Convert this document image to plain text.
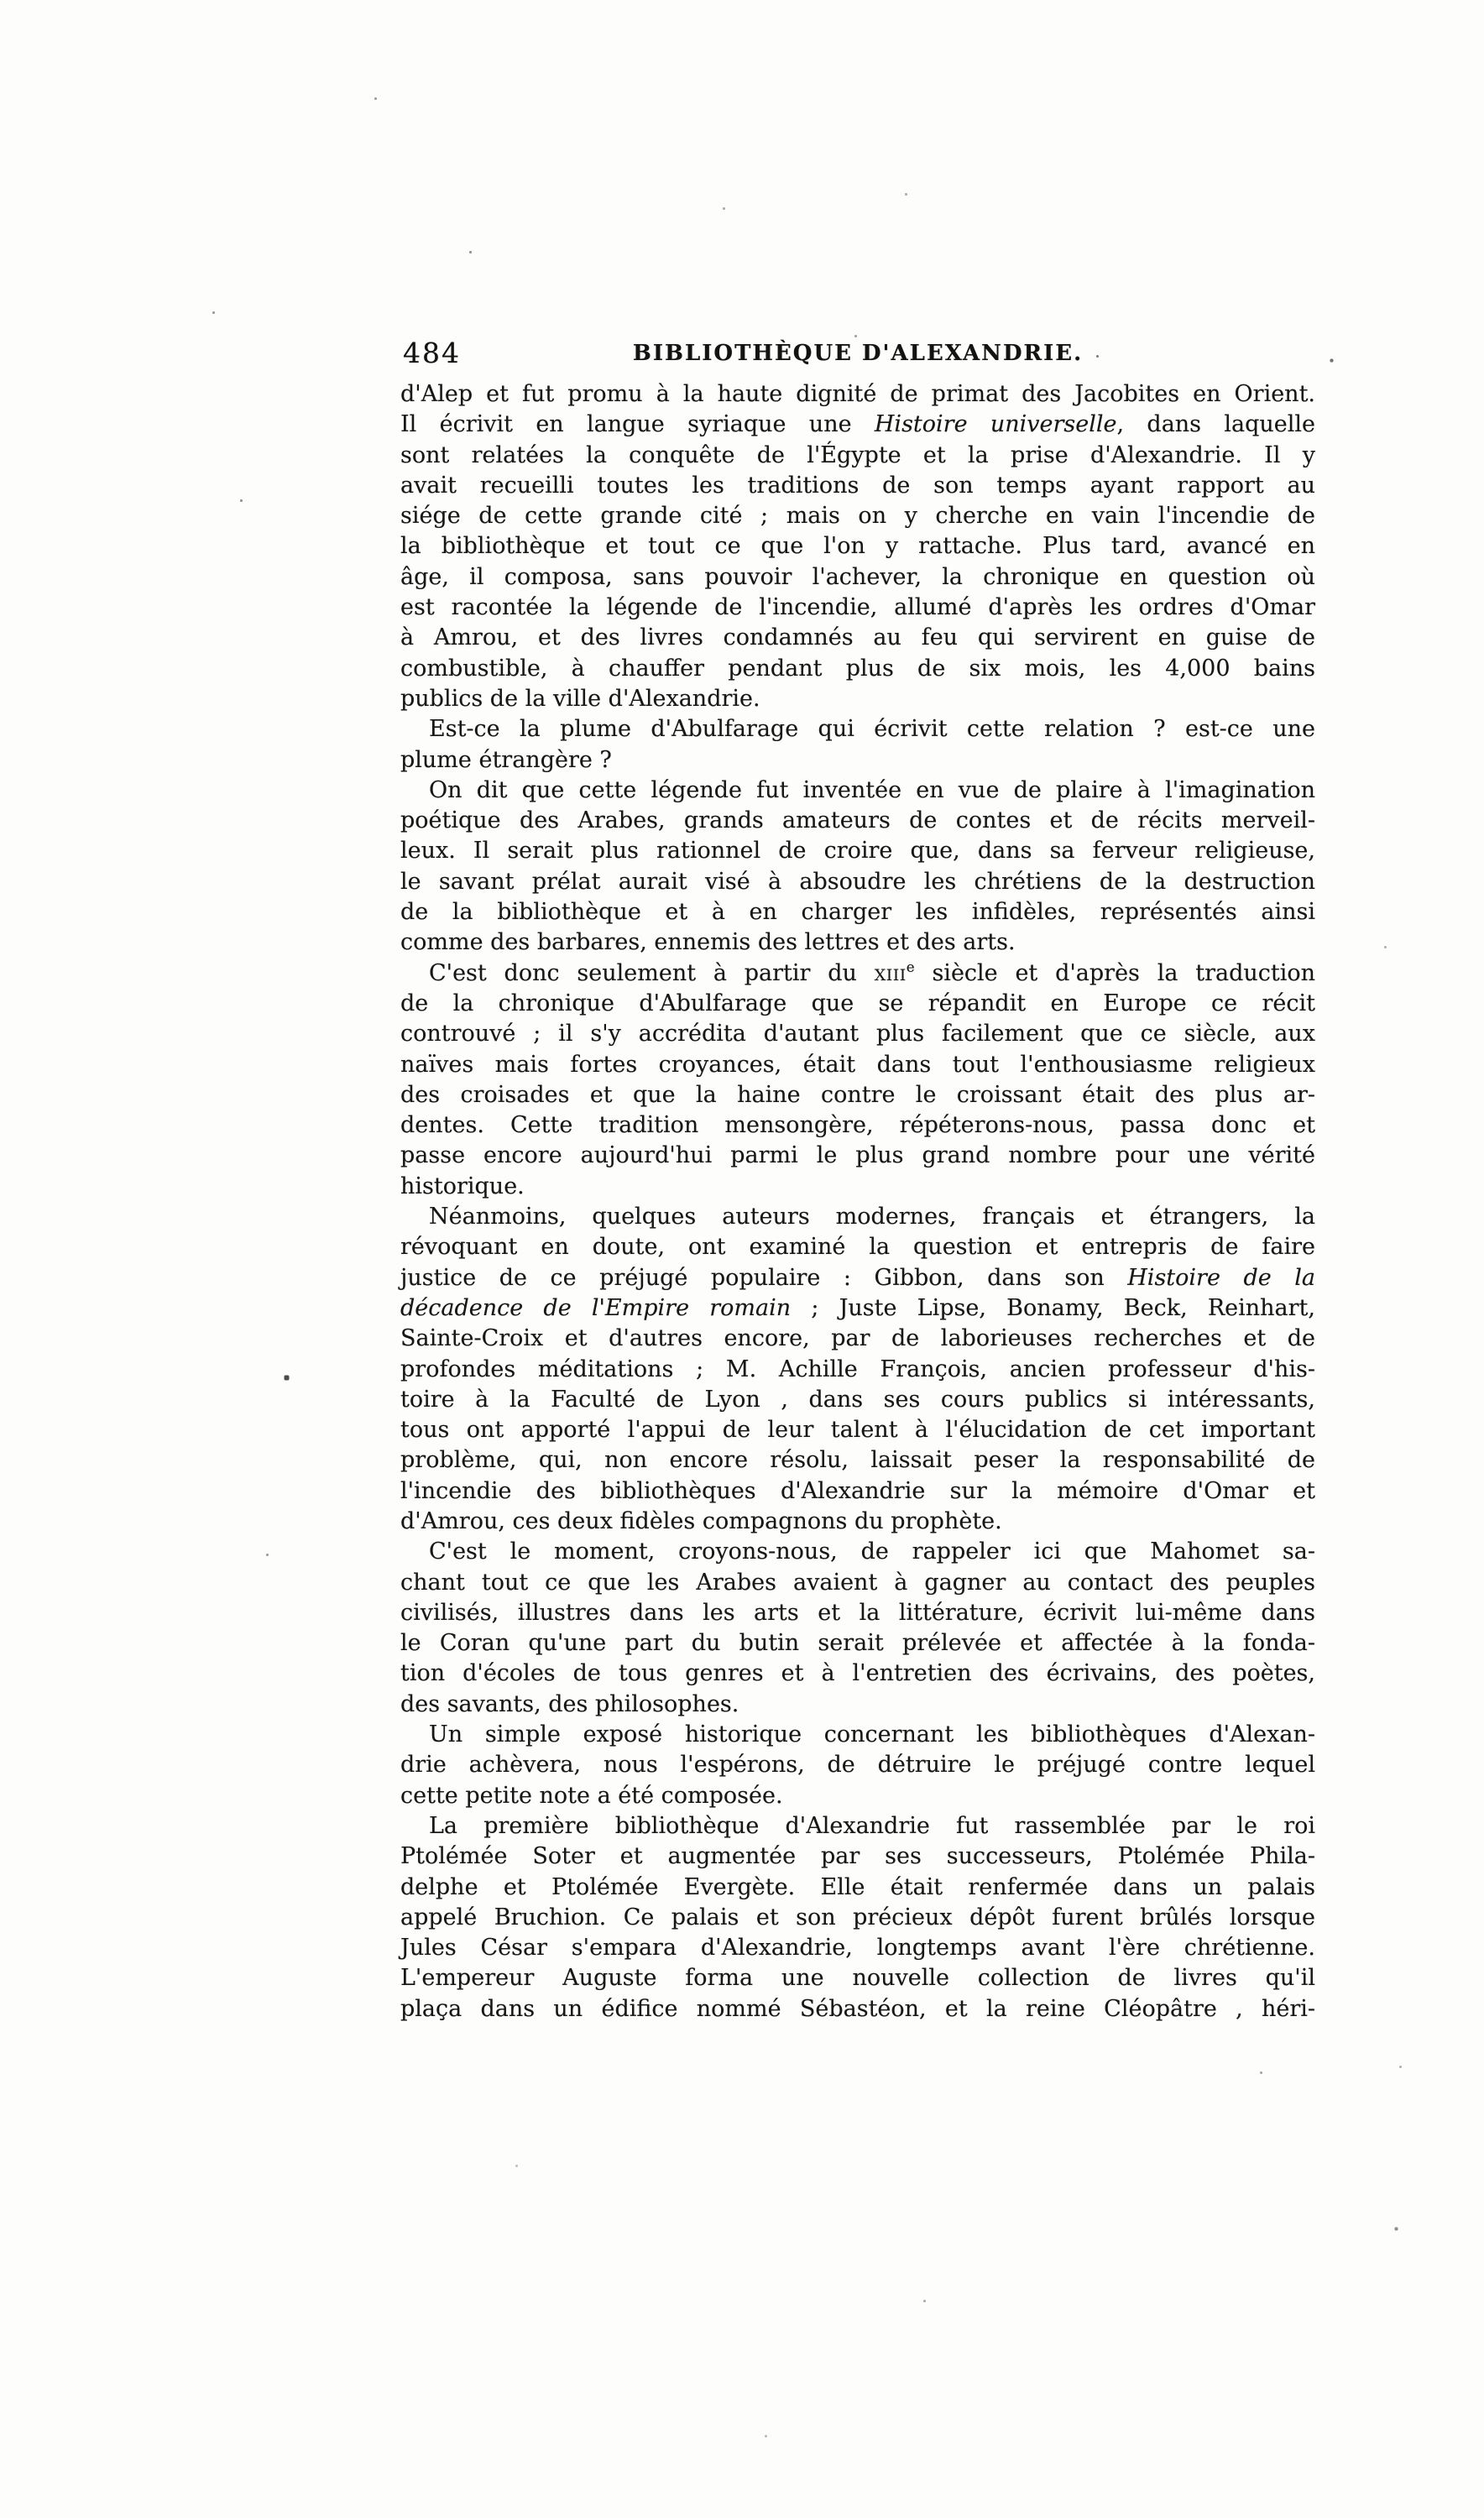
484	BIBLIOTHÈQUE D'ALEXANDRIE.
d'Alep et fut promu à la haute dignité de primat des Jacobites en Orient.
Il écrivit en langue syriaque une Histoire universelle, dans laquelle
sont relatées la conquête de l'Égypte et la prise d'Alexandrie. Il y
avait recueilli toutes les traditions de son temps ayant rapport au
siége de cette grande cité ; mais on y cherche en vain l'incendie de
la bibliothèque et tout ce que l'on y rattache. Plus tard, avancé en
âge, il composa, sans pouvoir l'achever, la chronique en question où
est racontée la légende de l'incendie, allumé d'après les ordres d'Omar
à Amrou, et des livres condamnés au feu qui servirent en guise de
combustible, à chauffer pendant plus de six mois, les 4,000 bains
publics de la ville d'Alexandrie.
Est-ce la plume d'Abulfarage qui écrivit cette relation ? est-ce une
plume étrangère ?
On dit que cette légende fut inventée en vue de plaire à l'imagination
poétique des Arabes, grands amateurs de contes et de récits merveil-
leux. Il serait plus rationnel de croire que, dans sa ferveur religieuse,
le savant prélat aurait visé à absoudre les chrétiens de la destruction
de la bibliothèque et à en charger les infidèles, représentés ainsi
comme des barbares, ennemis des lettres et des arts.
C'est donc seulement à partir du xiii$^e$ siècle et d'après la traduction
de la chronique d'Abulfarage que se répandit en Europe ce récit
controuvé ; il s'y accrédita d'autant plus facilement que ce siècle, aux
naïves mais fortes croyances, était dans tout l'enthousiasme religieux
des croisades et que la haine contre le croissant était des plus ar-
dentes. Cette tradition mensongère, répéterons-nous, passa donc et
passe encore aujourd'hui parmi le plus grand nombre pour une vérité
historique.
Néanmoins, quelques auteurs modernes, français et étrangers, la
révoquant en doute, ont examiné la question et entrepris de faire
justice de ce préjugé populaire : Gibbon, dans son Histoire de la
décadence de l'Empire romain ; Juste Lipse, Bonamy, Beck, Reinhart,
Sainte-Croix et d'autres encore, par de laborieuses recherches et de
profondes méditations ; M. Achille François, ancien professeur d'his-
toire à la Faculté de Lyon , dans ses cours publics si intéressants,
tous ont apporté l'appui de leur talent à l'élucidation de cet important
problème, qui, non encore résolu, laissait peser la responsabilité de
l'incendie des bibliothèques d'Alexandrie sur la mémoire d'Omar et
d'Amrou, ces deux fidèles compagnons du prophète.
C'est le moment, croyons-nous, de rappeler ici que Mahomet sa-
chant tout ce que les Arabes avaient à gagner au contact des peuples
civilisés, illustres dans les arts et la littérature, écrivit lui-même dans
le Coran qu'une part du butin serait prélevée et affectée à la fonda-
tion d'écoles de tous genres et à l'entretien des écrivains, des poètes,
des savants, des philosophes.
Un simple exposé historique concernant les bibliothèques d'Alexan-
drie achèvera, nous l'espérons, de détruire le préjugé contre lequel
cette petite note a été composée.
La première bibliothèque d'Alexandrie fut rassemblée par le roi
Ptolémée Soter et augmentée par ses successeurs, Ptolémée Phila-
delphe et Ptolémée Evergète. Elle était renfermée dans un palais
appelé Bruchion. Ce palais et son précieux dépôt furent brûlés lorsque
Jules César s'empara d'Alexandrie, longtemps avant l'ère chrétienne.
L'empereur Auguste forma une nouvelle collection de livres qu'il
plaça dans un édifice nommé Sébastéon, et la reine Cléopâtre , héri-
